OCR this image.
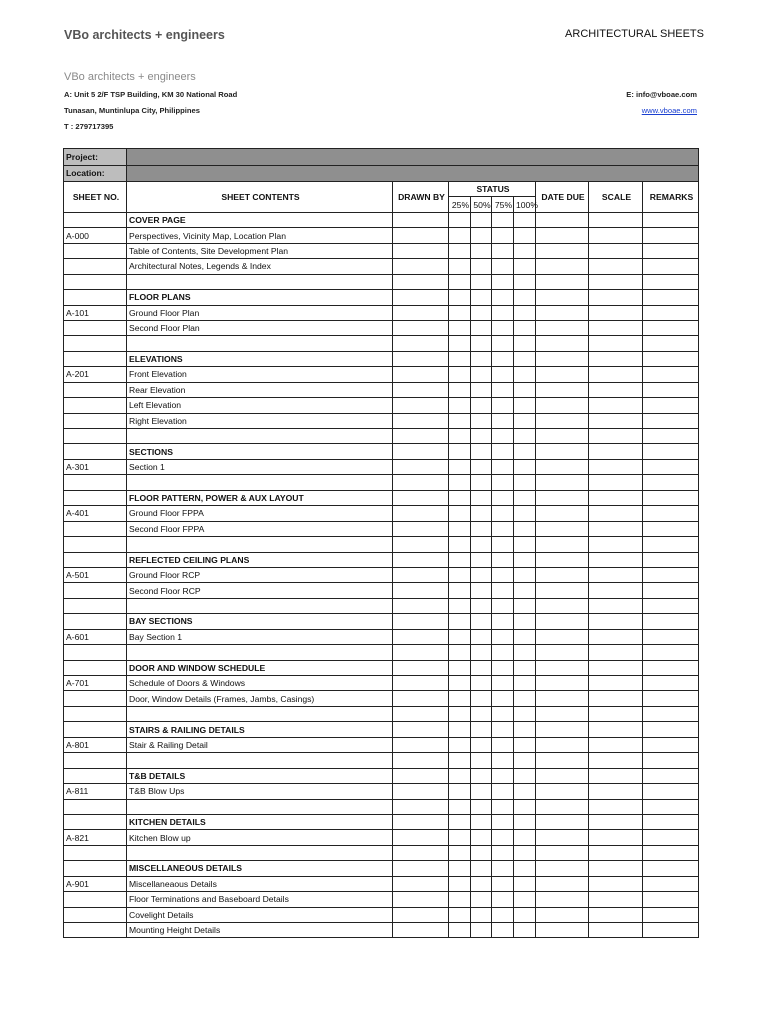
VBo architects + engineers	ARCHITECTURAL SHEETS
VBo architects + engineers
A: Unit 5 2/F TSP Building, KM 30 National Road
Tunasan, Muntinlupa City, Philippines
T : 279717395
E: info@vboae.com
www.vboae.com
Project:									
Location:									
SHEET NO.	SHEET CONTENTS	DRAWN BY	STATUS				DATE DUE	SCALE	REMARKS
			25%	50%	75%	100%			
	COVER PAGE								
A-000	Perspectives, Vicinity Map, Location Plan								
	Table of Contents, Site Development Plan								
	Architectural Notes, Legends & Index								

	FLOOR PLANS								
A-101	Ground Floor Plan								
	Second Floor Plan								

	ELEVATIONS								
A-201	Front Elevation								
	Rear Elevation								
	Left Elevation								
	Right Elevation								

	SECTIONS								
A-301	Section 1								

	FLOOR PATTERN, POWER & AUX LAYOUT								
A-401	Ground Floor FPPA								
	Second Floor FPPA								

	REFLECTED CEILING PLANS								
A-501	Ground Floor RCP								
	Second Floor RCP								

	BAY SECTIONS								
A-601	Bay Section 1								

	DOOR AND WINDOW SCHEDULE								
A-701	Schedule of Doors & Windows								
	Door, Window Details (Frames, Jambs, Casings)								

	STAIRS & RAILING DETAILS								
A-801	Stair & Railing Detail								

	T&B DETAILS								
A-811	T&B Blow Ups								

	KITCHEN DETAILS								
A-821	Kitchen Blow up								

	MISCELLANEOUS DETAILS								
A-901	Miscellaneaous Details								
	Floor Terminations and Baseboard Details								
	Covelight Details								
	Mounting Height Details								
